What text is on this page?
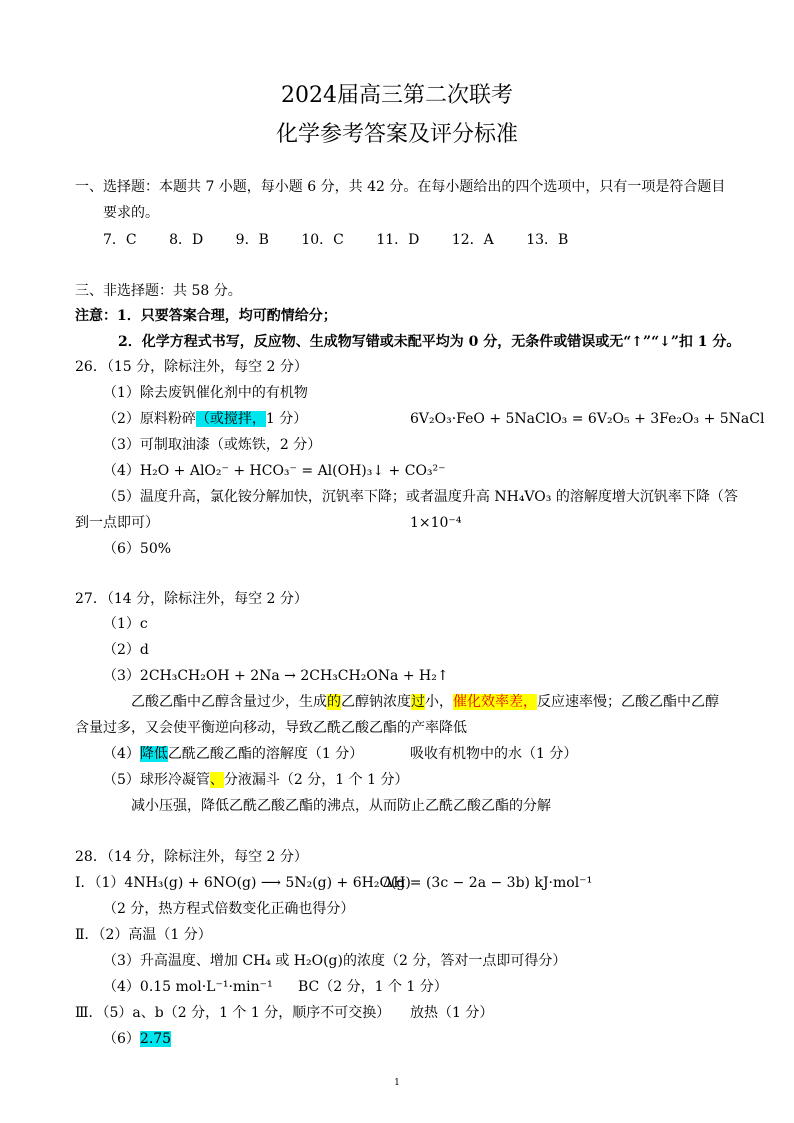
2024届高三第二次联考
化学参考答案及评分标准
一、选择题：本题共 7 小题，每小题 6 分，共 42 分。在每小题给出的四个选项中，只有一项是符合题目
要求的。
7．C 8．D 9．B 10．C 11．D 12．A 13．B
三、非选择题：共 58 分。
注意：1．只要答案合理，均可酌情给分；
2．化学方程式书写，反应物、生成物写错或未配平均为 0 分，无条件或错误或无“↑”“↓”扣 1 分。
26．（15 分，除标注外，每空 2 分）
（1）除去废钒催化剂中的有机物
（2）原料粉碎（或搅拌，1 分）	6V₂O₃·FeO + 5NaClO₃ = 6V₂O₅ + 3Fe₂O₃ + 5NaCl
（3）可制取油漆（或炼铁，2 分）
（4）H₂O + AlO₂⁻ + HCO₃⁻ = Al(OH)₃↓ + CO₃²⁻
（5）温度升高，氯化铵分解加快，沉钒率下降；或者温度升高 NH₄VO₃ 的溶解度增大沉钒率下降（答
到一点即可）	1×10⁻⁴
（6）50%
27．（14 分，除标注外，每空 2 分）
（1）c
（2）d
（3）2CH₃CH₂OH + 2Na → 2CH₃CH₂ONa + H₂↑
乙酸乙酯中乙醇含量过少，生成的乙醇钠浓度过小，催化效率差，反应速率慢；乙酸乙酯中乙醇
含量过多，又会使平衡逆向移动，导致乙酰乙酸乙酯的产率降低
（4）降低乙酰乙酸乙酯的溶解度（1 分）	吸收有机物中的水（1 分）
（5）球形冷凝管、分液漏斗（2 分，1 个 1 分）
减小压强，降低乙酰乙酸乙酯的沸点，从而防止乙酰乙酸乙酯的分解
28．（14 分，除标注外，每空 2 分）
Ⅰ．（1）4NH₃(g) + 6NO(g) ⟶ 5N₂(g) + 6H₂O(g)
ΔH = (3c − 2a − 3b) kJ·mol⁻¹
（2 分，热方程式倍数变化正确也得分）
Ⅱ．（2）高温（1 分）
（3）升高温度、增加 CH₄ 或 H₂O(g)的浓度（2 分，答对一点即可得分）
（4）0.15 mol·L⁻¹·min⁻¹ BC（2 分，1 个 1 分）
Ⅲ．（5）a、b（2 分，1 个 1 分，顺序不可交换） 放热（1 分）
（6）2.75
1
